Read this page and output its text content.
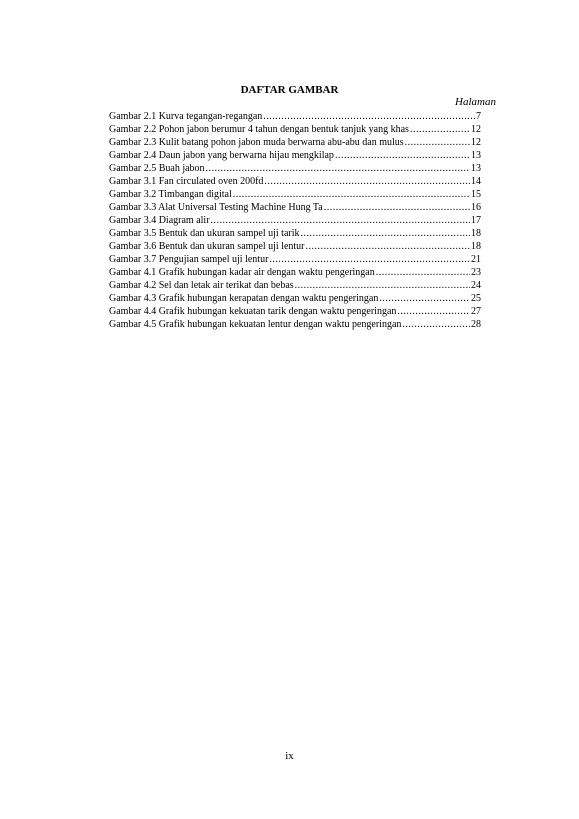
DAFTAR GAMBAR
Halaman
Gambar 2.1 Kurva tegangan-regangan .....	7
Gambar 2.2 Pohon jabon berumur 4 tahun dengan bentuk tanjuk yang khas .....	12
Gambar 2.3 Kulit batang pohon jabon muda berwarna abu-abu dan mulus .....	12
Gambar 2.4 Daun jabon yang berwarna hijau mengkilap .....	13
Gambar 2.5 Buah jabon .....	13
Gambar 3.1 Fan circulated oven 200fd .....	14
Gambar 3.2 Timbangan digital .....	15
Gambar 3.3 Alat Universal Testing Machine Hung Ta .....	16
Gambar 3.4 Diagram alir .....	17
Gambar 3.5 Bentuk dan ukuran sampel uji tarik .....	18
Gambar 3.6 Bentuk dan ukuran sampel uji lentur .....	18
Gambar 3.7 Pengujian sampel uji lentur .....	21
Gambar 4.1 Grafik hubungan kadar air dengan waktu pengeringan .....	23
Gambar 4.2 Sel dan letak air terikat dan bebas .....	24
Gambar 4.3 Grafik hubungan kerapatan dengan waktu pengeringan .....	25
Gambar 4.4 Grafik hubungan kekuatan tarik dengan waktu pengeringan .....	27
Gambar 4.5 Grafik hubungan kekuatan lentur dengan waktu pengeringan .....	28
ix
